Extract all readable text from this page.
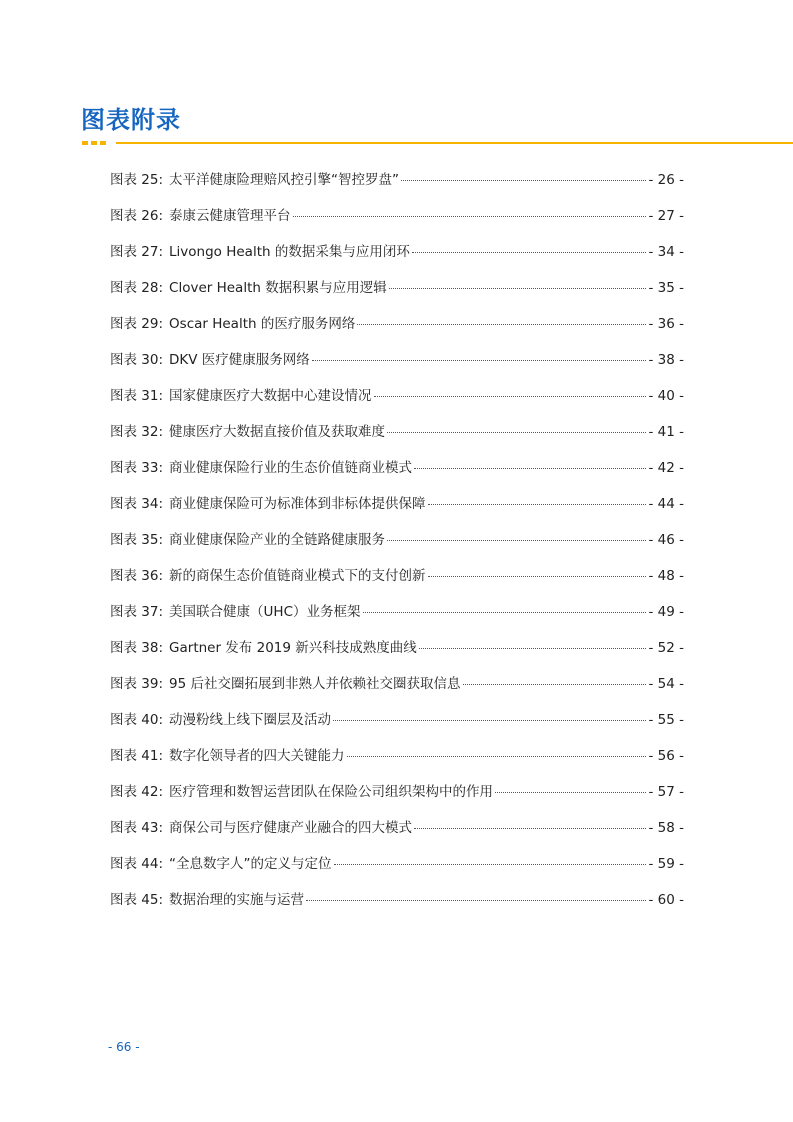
图表附录
图表 25: 太平洋健康险理赔风控引擎“智控罗盘”	- 26 -
图表 26: 泰康云健康管理平台	- 27 -
图表 27: Livongo Health 的数据采集与应用闭环	- 34 -
图表 28: Clover Health 数据积累与应用逻辑	- 35 -
图表 29: Oscar Health 的医疗服务网络	- 36 -
图表 30: DKV 医疗健康服务网络	- 38 -
图表 31: 国家健康医疗大数据中心建设情况	- 40 -
图表 32: 健康医疗大数据直接价值及获取难度	- 41 -
图表 33: 商业健康保险行业的生态价值链商业模式	- 42 -
图表 34: 商业健康保险可为标准体到非标体提供保障	- 44 -
图表 35: 商业健康保险产业的全链路健康服务	- 46 -
图表 36: 新的商保生态价值链商业模式下的支付创新	- 48 -
图表 37: 美国联合健康（UHC）业务框架	- 49 -
图表 38: Gartner 发布 2019 新兴科技成熟度曲线	- 52 -
图表 39: 95 后社交圈拓展到非熟人并依赖社交圈获取信息	- 54 -
图表 40: 动漫粉线上线下圈层及活动	- 55 -
图表 41: 数字化领导者的四大关键能力	- 56 -
图表 42: 医疗管理和数智运营团队在保险公司组织架构中的作用	- 57 -
图表 43: 商保公司与医疗健康产业融合的四大模式	- 58 -
图表 44: “全息数字人”的定义与定位	- 59 -
图表 45: 数据治理的实施与运营	- 60 -

- 66 -
